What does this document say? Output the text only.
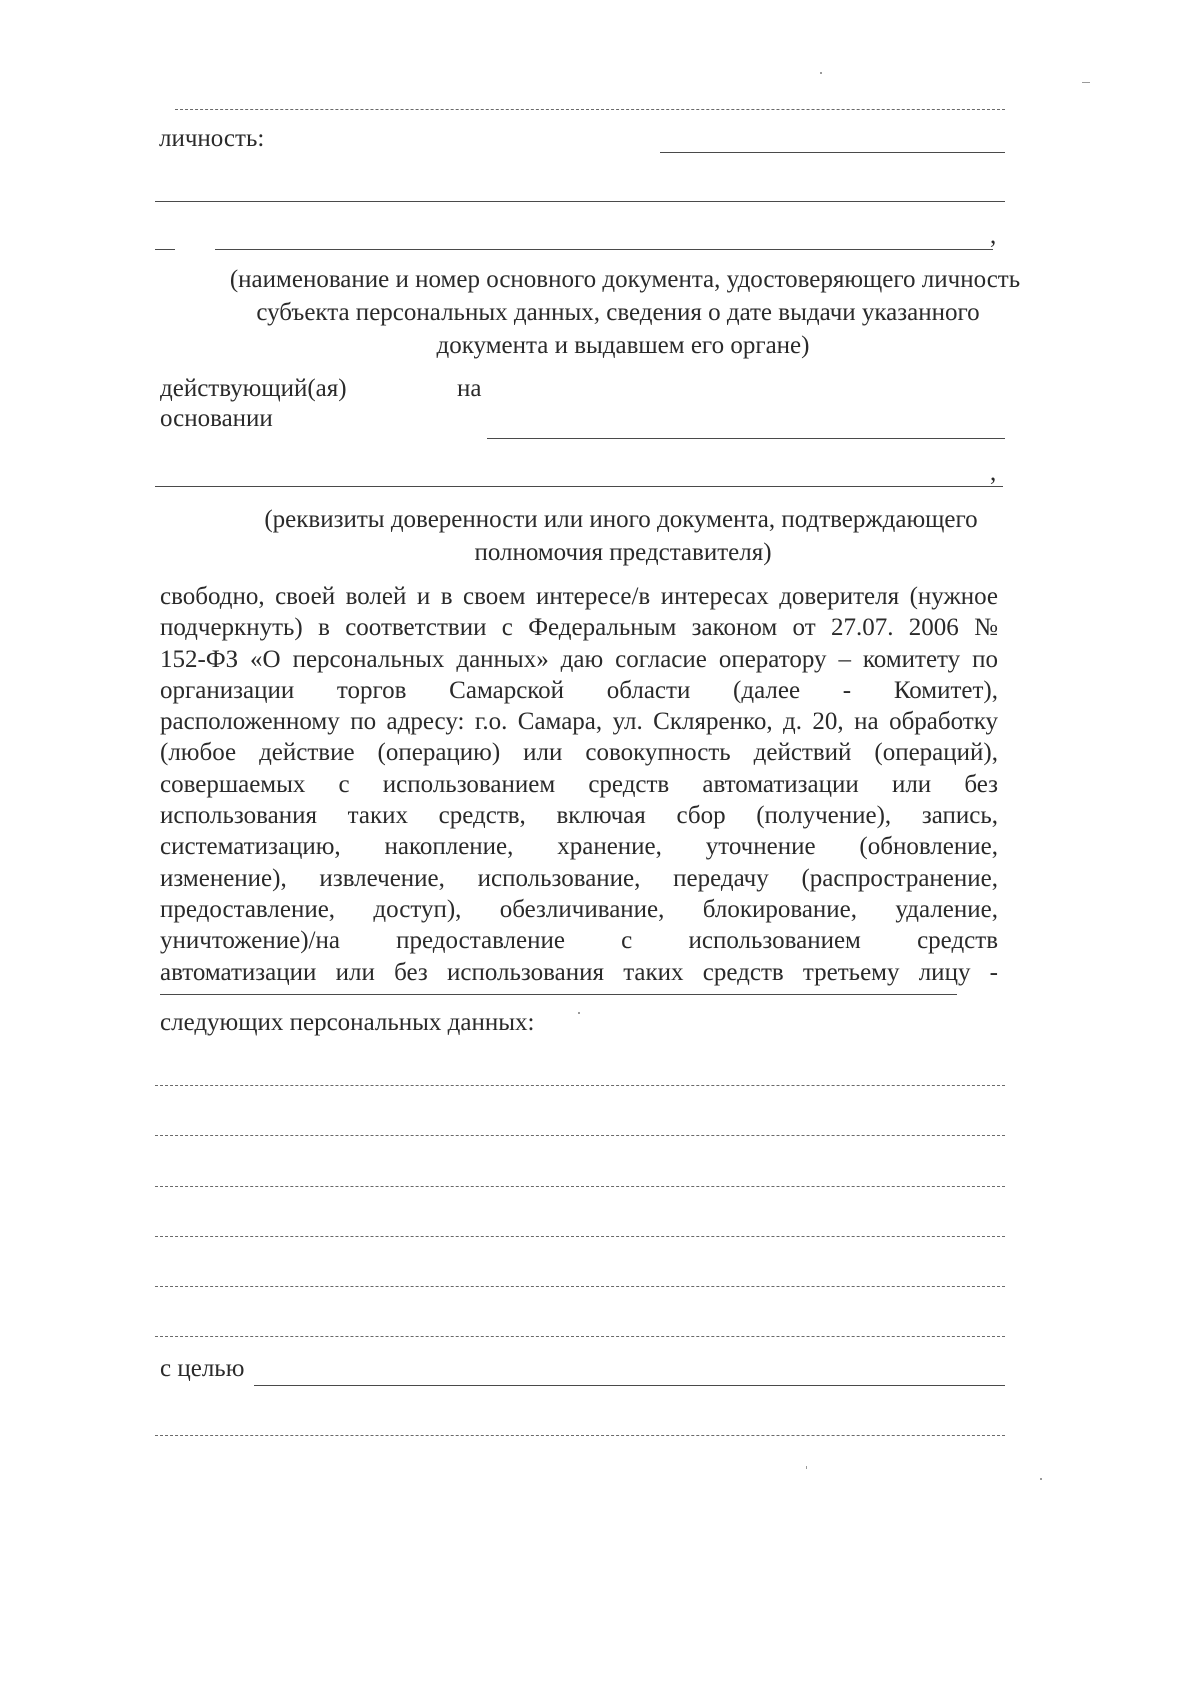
личность:
,
(наименование и номер основного документа, удостоверяющего личность
субъекта персональных данных, сведения о дате выдачи указанного
документа и выдавшем его органе)
действующий(ая)	на
основании
,
(реквизиты доверенности или иного документа, подтверждающего
полномочия представителя)
свободно, своей волей и в своем интересе/в интересах доверителя (нужное
подчеркнуть) в соответствии с Федеральным законом от 27.07. 2006 №
152-ФЗ «О персональных данных» даю согласие оператору – комитету по
организации торгов Самарской области (далее - Комитет),
расположенному по адресу: г.о. Самара, ул. Скляренко, д. 20, на обработку
(любое действие (операцию) или совокупность действий (операций),
совершаемых с использованием средств автоматизации или без
использования таких средств, включая сбор (получение), запись,
систематизацию, накопление, хранение, уточнение (обновление,
изменение), извлечение, использование, передачу (распространение,
предоставление, доступ), обезличивание, блокирование, удаление,
уничтожение)/на предоставление с использованием средств
автоматизации или без использования таких средств третьему лицу -
следующих персональных данных:
с целью
